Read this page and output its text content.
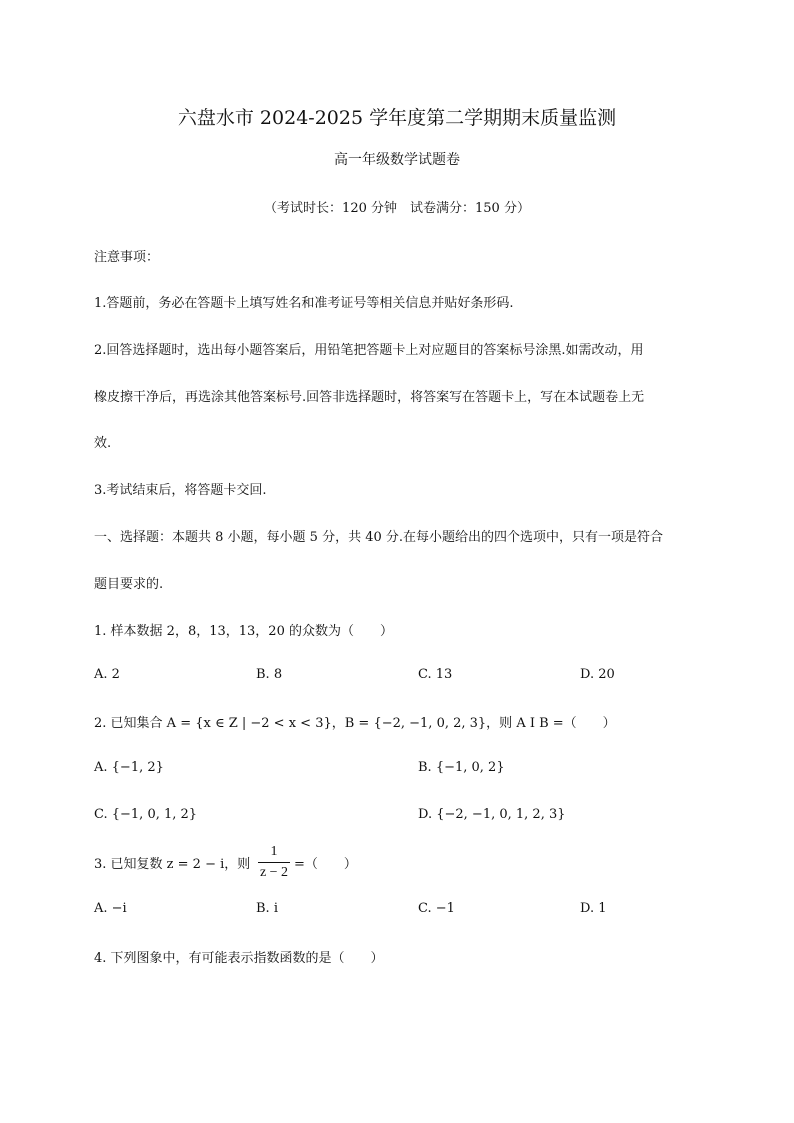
六盘水市 2024-2025 学年度第二学期期末质量监测
高一年级数学试题卷
（考试时长：120 分钟　试卷满分：150 分）
注意事项：
1.答题前，务必在答题卡上填写姓名和准考证号等相关信息并贴好条形码.
2.回答选择题时，选出每小题答案后，用铅笔把答题卡上对应题目的答案标号涂黑.如需改动，用
橡皮擦干净后，再选涂其他答案标号.回答非选择题时，将答案写在答题卡上，写在本试题卷上无
效.
3.考试结束后，将答题卡交回.
一、选择题：本题共 8 小题，每小题 5 分，共 40 分.在每小题给出的四个选项中，只有一项是符合
题目要求的.
1. 样本数据 2，8，13，13，20 的众数为（　　）
A. 2	B. 8	C. 13	D. 20
2. 已知集合 A = {x ∈ Z | −2 < x < 3}，B = {−2, −1, 0, 2, 3}，则 A I B =（　　）
A. {−1, 2}	B. {−1, 0, 2}
C. {−1, 0, 1, 2}	D. {−2, −1, 0, 1, 2, 3}
3. 已知复数 z = 2 − i，则
1
z − 2
=（　　）
A. −i	B. i	C. −1	D. 1
4. 下列图象中，有可能表示指数函数的是（　　）
